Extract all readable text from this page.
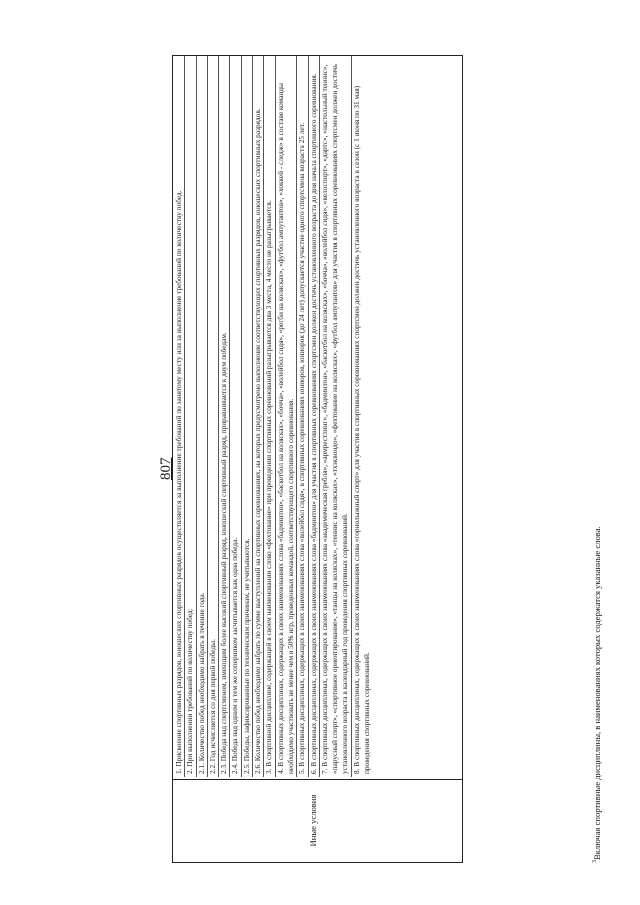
807
Иные условия
1. Присвоение спортивных разрядов, юношеских спортивных разрядов осуществляется за выполнение требований по занятому месту или за выполнение требований по количеству побед. 2. При выполнении требований по количеству побед: 2.1. Количество побед необходимо набрать в течение года. 2.2. Год исчисляется со дня первой победы. 2.3. Победа над спортсменом, имеющим более высокий спортивный разряд, юношеский спортивный разряд, приравнивается к двум победам. 2.4. Победа над одним и тем же соперником засчитывается как одна победа. 2.5. Победы, зафиксированные по техническим причинам, не учитываются. 2.6. Количество побед необходимо набрать по сумме выступлений на спортивных соревнованиях, на которых предусмотрено выполнение соответствующих спортивных разрядов, юношеских спортивных разрядов. 3. В спортивной дисциплине, содержащей в своем наименовании слово «фехтование» при проведении спортивных соревнований разыгрывается два 3 места, 4 место не разыгрывается. 4. В спортивных дисциплинах, содержащих в своих наименованиях слова «бадминтон», «баскетбол на колясках», «бочча», «волейбол сидя», «регби на колясках», «футбол ампутантов», «хоккей - следж» в составе команды необходимо участвовать не менее чем в 50% игр, проведенных командой, соответствующего спортивного соревнования. 5. В спортивных дисциплинах, содержащих в своих наименованиях слова «волейбол сидя», в спортивных соревнованиях юниоров, юниорок (до 24 лет) допускается участие одного спортсмена возраста 25 лет. 6. В спортивных дисциплинах, содержащих в своих наименованиях слова «бадминтон» для участия в спортивных соревнованиях спортсмен должен достичь установленного возраста до дня начала спортивного соревнования. 7. В спортивных дисциплинах, содержащих в своих наименованиях слова «академическая гребля», «армрестлинг», «бадминтон», «баскетбол на колясках», «бочча», «волейбол сидя», «велоспорт», «дартс», «настольный теннис», «парусный спорт», «спортивное ориентирование», «танцы на колясках», «теннис на колясках», «тхэквондо», «фехтование на колясках», «футбол ампутантов» для участия в спортивных соревнованиях спортсмен должен достичь установленного возраста в календарный год проведения спортивных соревнований. 8. В спортивных дисциплинах, содержащих в своих наименованиях слова «горнолыжный спорт» для участия в спортивных соревнованиях спортсмен должен достичь установленного возраста в сезон (с 1 июня по 31 мая) проведения спортивных соревнований.
$^3$Включая спортивные дисциплины, в наименованиях которых содержатся указанные слова.
